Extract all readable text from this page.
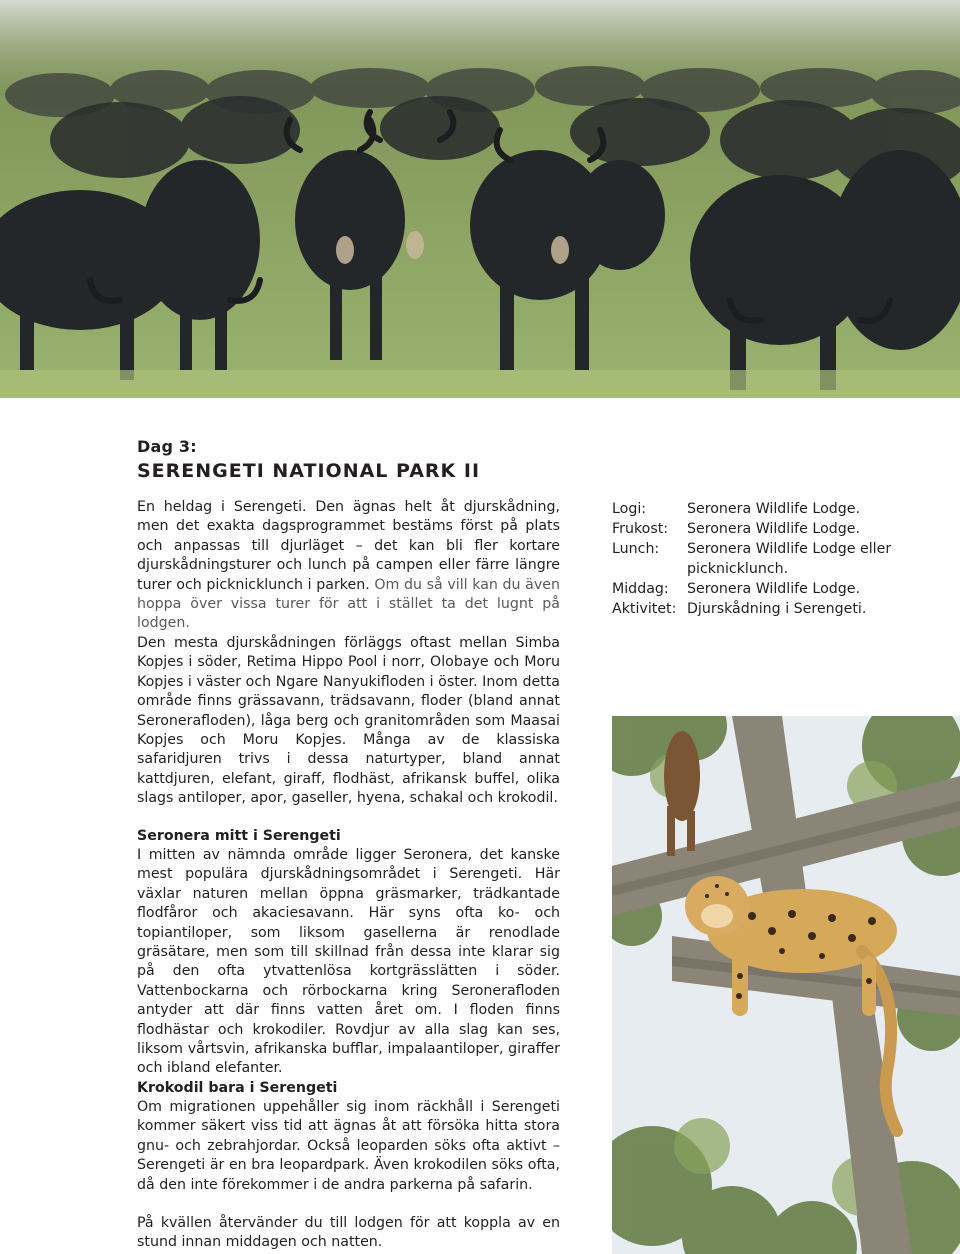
Dag 3:
SERENGETI NATIONAL PARK II

En heldag i Serengeti. Den ägnas helt åt djurskådning, men det exakta dagsprogrammet bestäms först på plats och anpassas till djurläget – det kan bli fler kortare djurskådningsturer och lunch på campen eller färre längre turer och picknicklunch i parken. Om du så vill kan du även hoppa över vissa turer för att i stället ta det lugnt på lodgen.

Logi:	Seronera Wildlife Lodge.
Frukost:	Seronera Wildlife Lodge.
Lunch:	Seronera Wildlife Lodge eller picknicklunch.
Middag:	Seronera Wildlife Lodge.
Aktivitet: Djurskådning i Serengeti.

Den mesta djurskådningen förläggs oftast mellan Simba Kopjes i söder, Retima Hippo Pool i norr, Olobaye och Moru Kopjes i väster och Ngare Nanyukifloden i öster. Inom detta område finns grässavann, trädsavann, floder (bland annat Seronerafloden), låga berg och granitområden som Maasai Kopjes och Moru Kopjes. Många av de klassiska safaridjuren trivs i dessa naturtyper, bland annat kattdjuren, elefant, giraff, flodhäst, afrikansk buffel, olika slags antiloper, apor, gaseller, hyena, schakal och krokodil.

Seronera mitt i Serengeti

I mitten av nämnda område ligger Seronera, det kanske mest populära djurskådningsområdet i Serengeti. Här växlar naturen mellan öppna gräsmarker, trädkantade flodfåror och akaciesavann. Här syns ofta ko- och topiantiloper, som liksom gasellerna är renodlade gräsätare, men som till skillnad från dessa inte klarar sig på den ofta ytvattenlösa kortgrässlätten i söder. Vattenbockarna och rörbockarna kring Seronerafloden antyder att där finns vatten året om. I floden finns flodhästar och krokodiler. Rovdjur av alla slag kan ses, liksom vårtsvin, afrikanska bufflar, impalaantiloper, giraffer och ibland elefanter.

Krokodil bara i Serengeti

Om migrationen uppehåller sig inom räckhåll i Serengeti kommer säkert viss tid att ägnas åt att försöka hitta stora gnu- och zebrahjordar. Också leoparden söks ofta aktivt – Serengeti är en bra leopardpark. Även krokodilen söks ofta, då den inte förekommer i de andra parkerna på safarin.

På kvällen återvänder du till lodgen för att koppla av en stund innan middagen och natten.
